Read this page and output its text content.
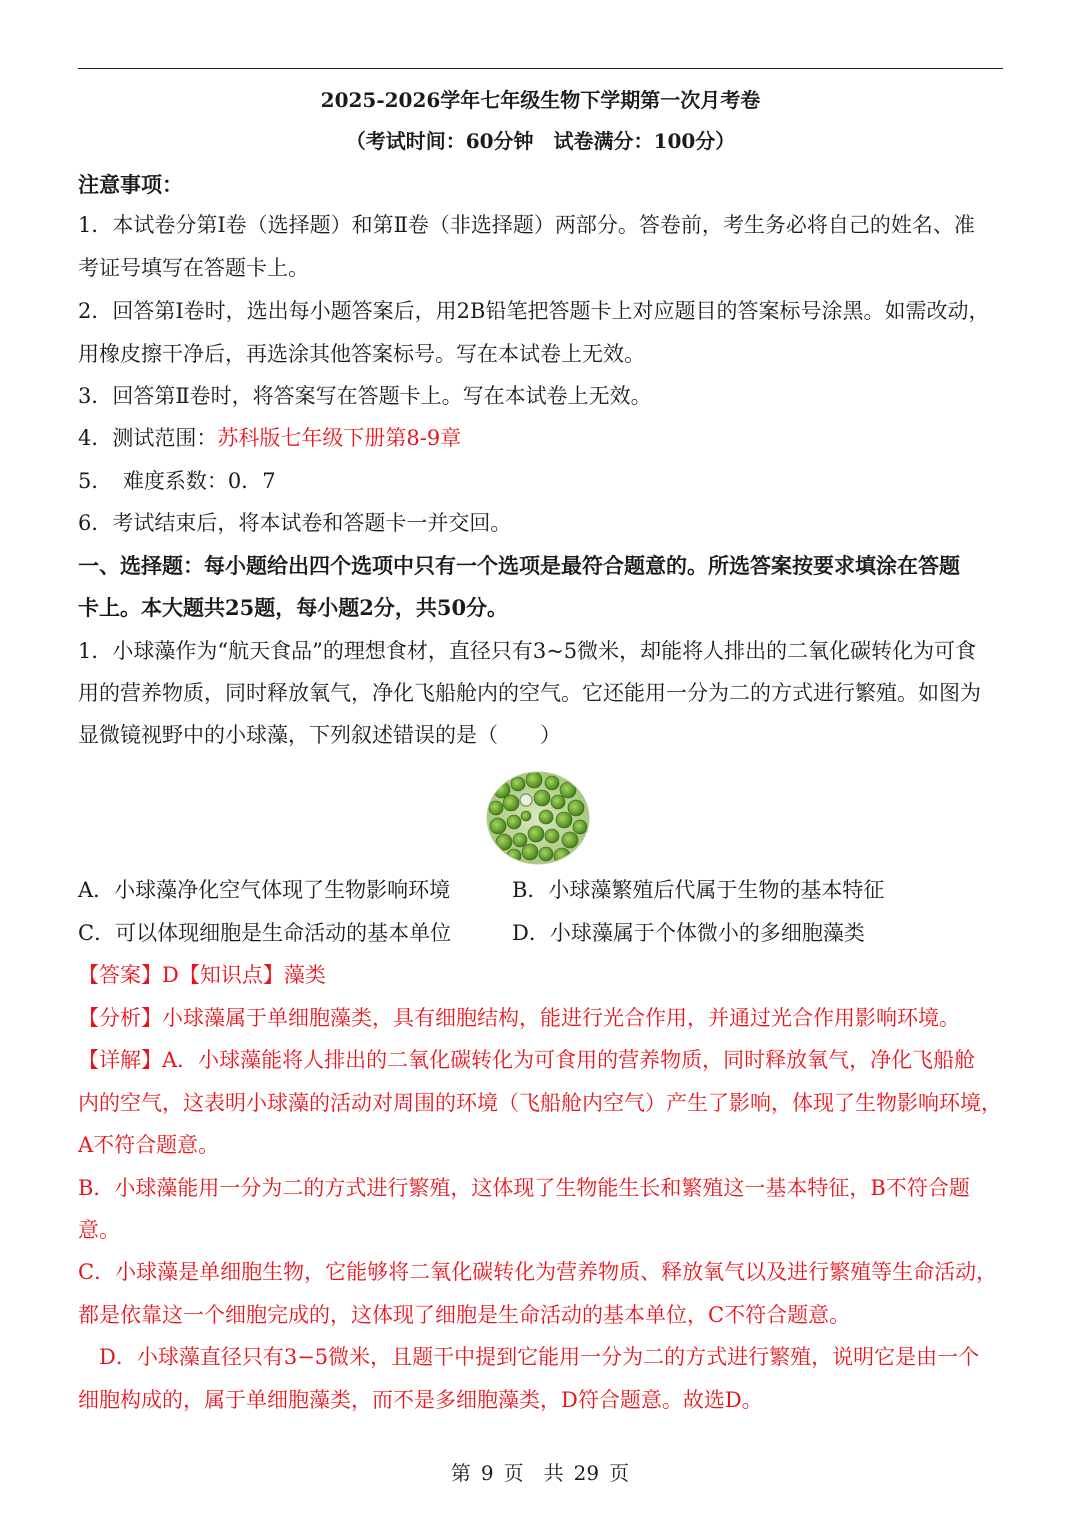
2025-2026学年七年级生物下学期第一次月考卷
（考试时间：60分钟　试卷满分：100分）
注意事项：
1．本试卷分第Ⅰ卷（选择题）和第Ⅱ卷（非选择题）两部分。答卷前，考生务必将自己的姓名、准
考证号填写在答题卡上。
2．回答第Ⅰ卷时，选出每小题答案后，用2B铅笔把答题卡上对应题目的答案标号涂黑。如需改动，
用橡皮擦干净后，再选涂其他答案标号。写在本试卷上无效。
3．回答第Ⅱ卷时，将答案写在答题卡上。写在本试卷上无效。
4．测试范围：苏科版七年级下册第8-9章
5．　难度系数：0．7
6．考试结束后，将本试卷和答题卡一并交回。
一、选择题：每小题给出四个选项中只有一个选项是最符合题意的。所选答案按要求填涂在答题
卡上。本大题共25题，每小题2分，共50分。
1．小球藻作为“航天食品”的理想食材，直径只有3~5微米，却能将人排出的二氧化碳转化为可食
用的营养物质，同时释放氧气，净化飞船舱内的空气。它还能用一分为二的方式进行繁殖。如图为
显微镜视野中的小球藻，下列叙述错误的是（　　）
A．小球藻净化空气体现了生物影响环境	B．小球藻繁殖后代属于生物的基本特征
C．可以体现细胞是生命活动的基本单位	D．小球藻属于个体微小的多细胞藻类
【答案】D【知识点】藻类
【分析】小球藻属于单细胞藻类，具有细胞结构，能进行光合作用，并通过光合作用影响环境。
【详解】A．小球藻能将人排出的二氧化碳转化为可食用的营养物质，同时释放氧气，净化飞船舱
内的空气，这表明小球藻的活动对周围的环境（飞船舱内空气）产生了影响，体现了生物影响环境，
A不符合题意。
B．小球藻能用一分为二的方式进行繁殖，这体现了生物能生长和繁殖这一基本特征，B不符合题
意。
C．小球藻是单细胞生物，它能够将二氧化碳转化为营养物质、释放氧气以及进行繁殖等生命活动，
都是依靠这一个细胞完成的，这体现了细胞是生命活动的基本单位，C不符合题意。
　D．小球藻直径只有3−5微米，且题干中提到它能用一分为二的方式进行繁殖，说明它是由一个
细胞构成的，属于单细胞藻类，而不是多细胞藻类，D符合题意。故选D。
第 9 页　共 29 页
